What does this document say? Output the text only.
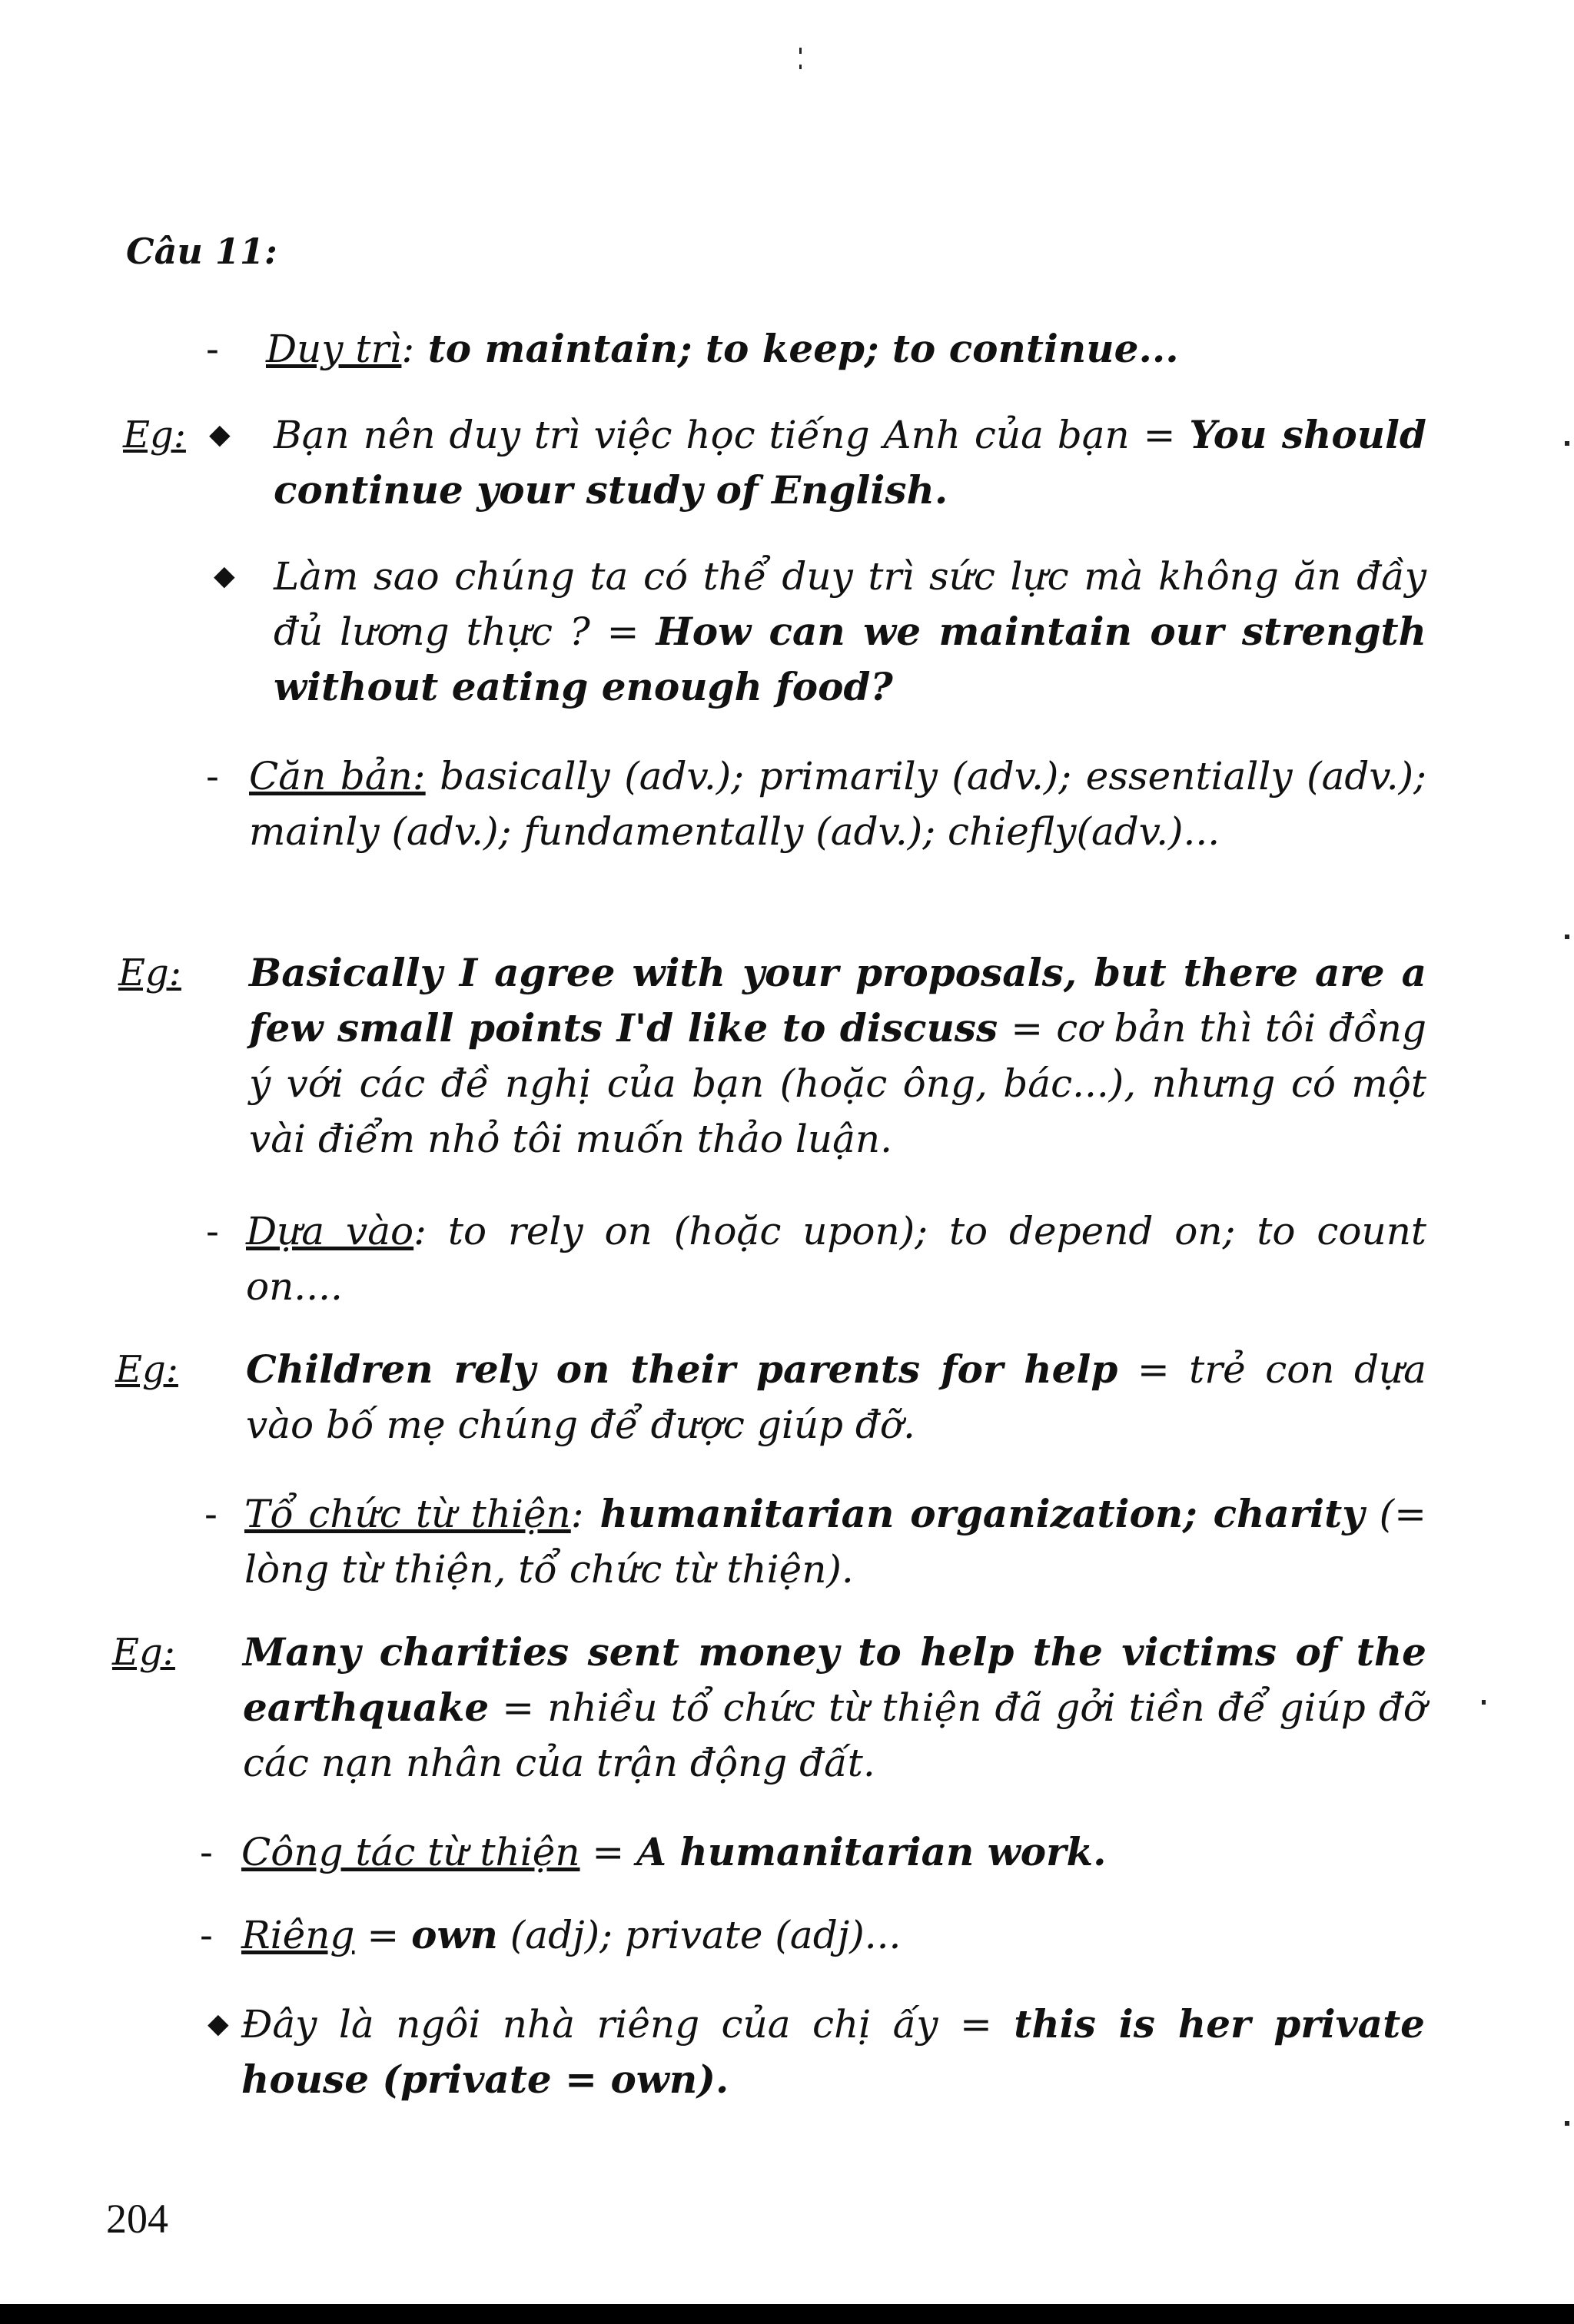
Câu 11:
- Duy trì: to maintain; to keep; to continue...
Eg: ◆ Bạn nên duy trì việc học tiếng Anh của bạn = You should continue your study of English.
◆ Làm sao chúng ta có thể duy trì sức lực mà không ăn đầy đủ lương thực ? = How can we maintain our strength without eating enough food?
- Căn bản: basically (adv.); primarily (adv.); essentially (adv.); mainly (adv.); fundamentally (adv.); chiefly(adv.)...
Eg: Basically I agree with your proposals, but there are a few small points I'd like to discuss = cơ bản thì tôi đồng ý với các đề nghị của bạn (hoặc ông, bác...), nhưng có một vài điểm nhỏ tôi muốn thảo luận.
- Dựa vào: to rely on (hoặc upon); to depend on; to count on....
Eg: Children rely on their parents for help = trẻ con dựa vào bố mẹ chúng để được giúp đỡ.
- Tổ chức từ thiện: humanitarian organization; charity (= lòng từ thiện, tổ chức từ thiện).
Eg: Many charities sent money to help the victims of the earthquake = nhiều tổ chức từ thiện đã gởi tiền để giúp đỡ các nạn nhân của trận động đất.
- Công tác từ thiện = A humanitarian work.
- Riêng = own (adj); private (adj)...
◆ Đây là ngôi nhà riêng của chị ấy = this is her private house (private = own).
204
